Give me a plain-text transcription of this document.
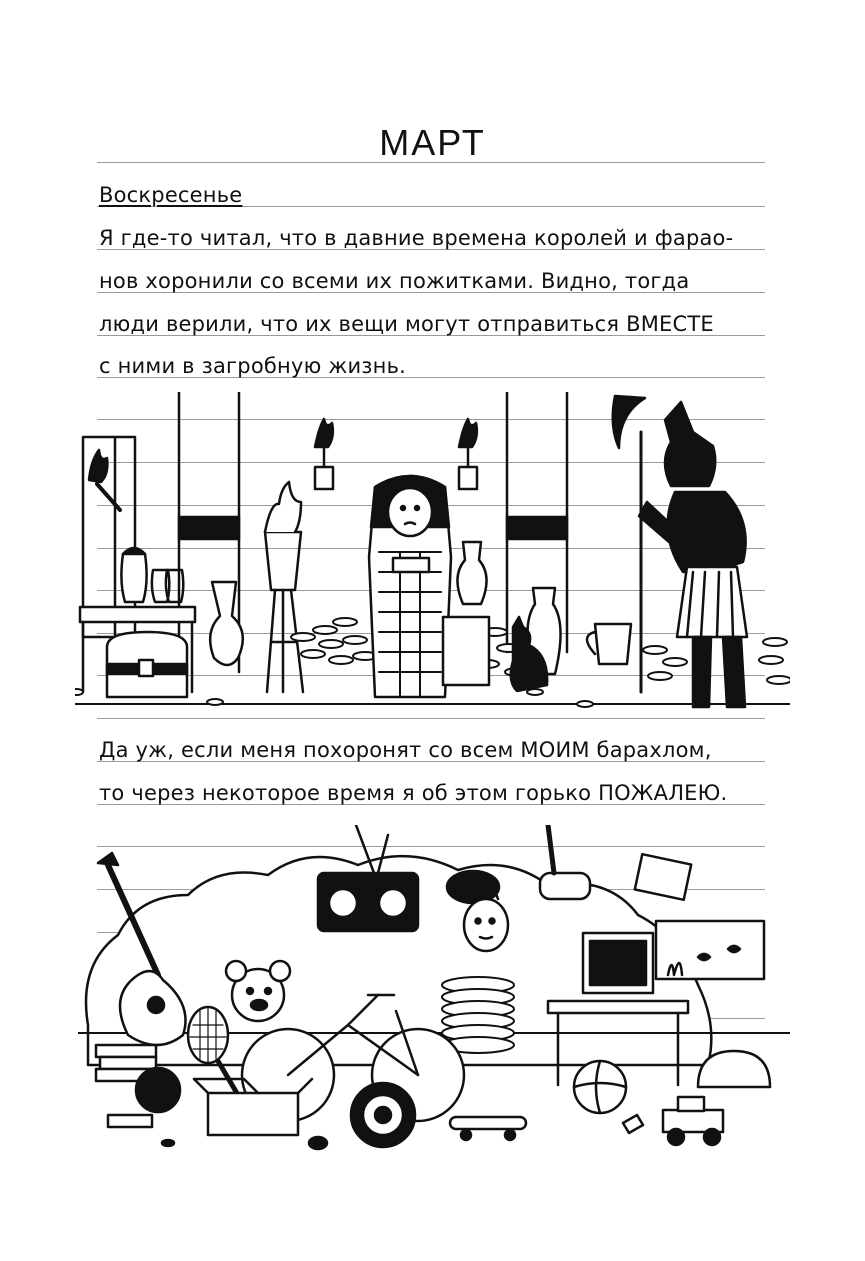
МАРТ
Воскресенье
Я где-то читал, что в давние времена королей и фарао-
нов хоронили со всеми их пожитками. Видно, тогда
люди верили, что их вещи могут отправиться ВМЕСТЕ
с ними в загробную жизнь.
Да уж, если меня похоронят со всем МОИМ барахлом,
то через некоторое время я об этом горько ПОЖАЛЕЮ.
